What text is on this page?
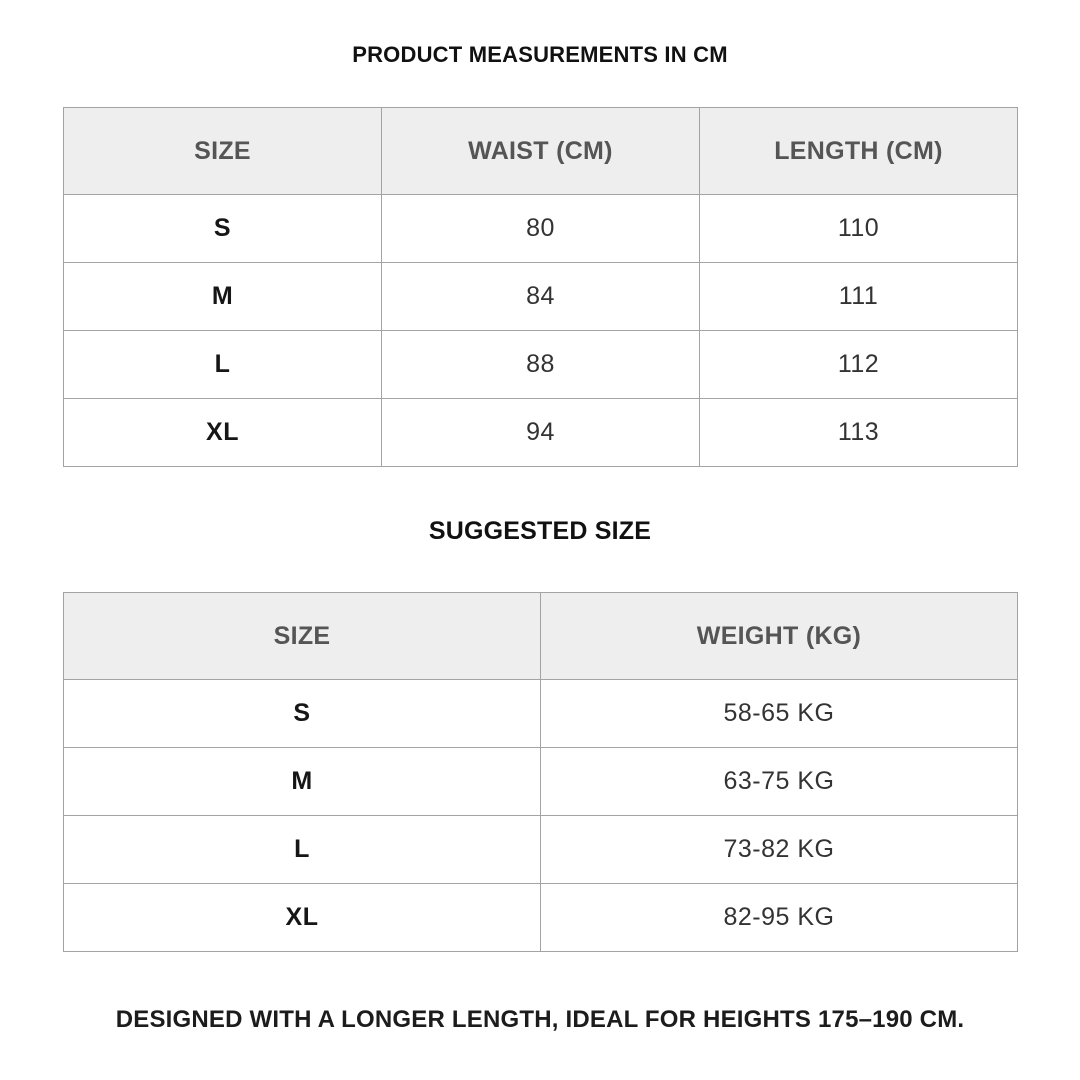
PRODUCT MEASUREMENTS IN CM
SIZE	WAIST (CM)	LENGTH (CM)
S	80	110
M	84	111
L	88	112
XL	94	113
SUGGESTED SIZE
SIZE	WEIGHT (KG)
S	58-65 KG
M	63-75 KG
L	73-82 KG
XL	82-95 KG
DESIGNED WITH A LONGER LENGTH, IDEAL FOR HEIGHTS 175–190 CM.
